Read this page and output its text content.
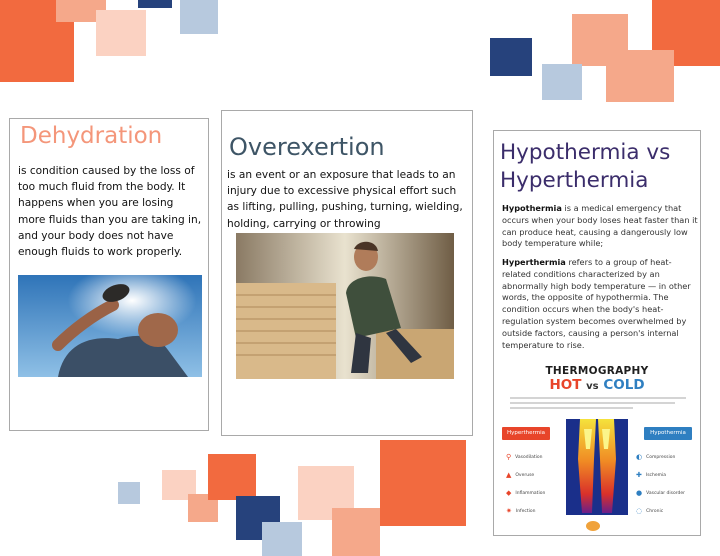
Dehydration
is condition caused by the loss of too much fluid from the body. It happens when you are losing more fluids than you are taking in, and your body does not have enough fluids to work properly.
Overexertion
is an event or an exposure that leads to an injury due to excessive physical effort such as lifting, pulling, pushing, turning, wielding, holding, carrying or throwing
Hypothermia vs
Hyperthermia
Hypothermia is a medical emergency that occurs when your body loses heat faster than it can produce heat, causing a dangerously low body temperature while;
Hyperthermia refers to a group of heat-related conditions characterized by an abnormally high body temperature — in other words, the opposite of hypothermia. The condition occurs when the body's heat-regulation system becomes overwhelmed by outside factors, causing a person's internal temperature to rise.
THERMOGRAPHY
HOT vs COLD
Hyperthermia	Hypothermia
⚲ Vasodilation
▲ Overuse
◆ Inflammation
✷ Infection
◐ Compression
✚ Ischemia
● Vascular disorder
◌ Chronic
